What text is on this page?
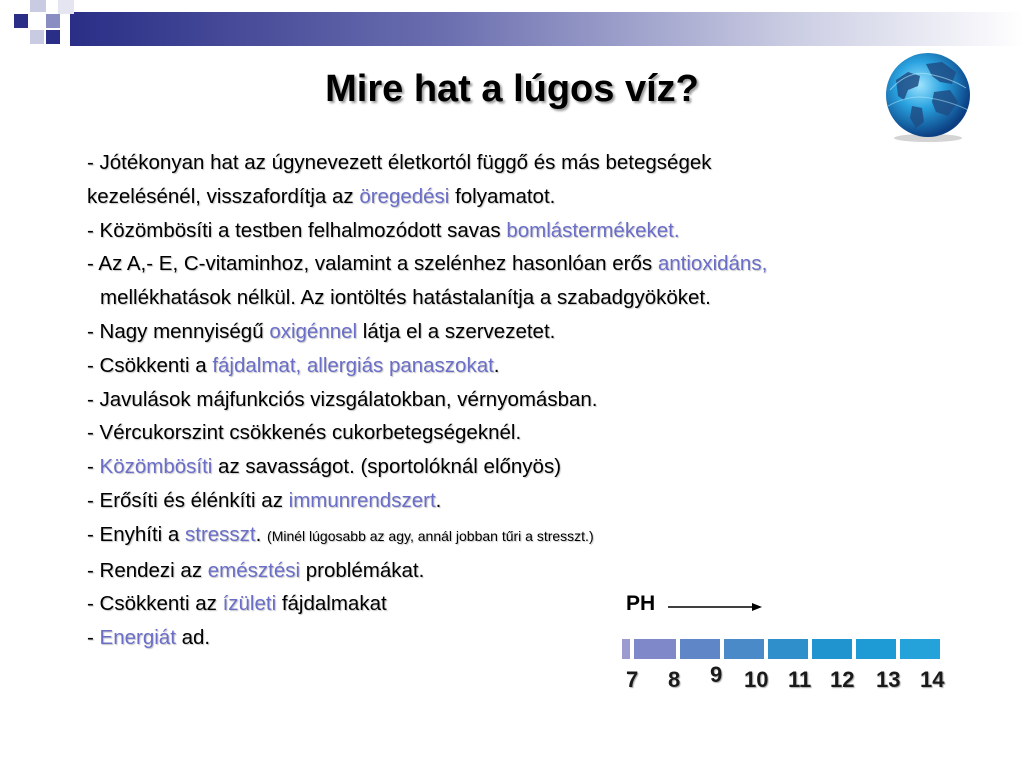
Mire hat a lúgos víz?
- Jótékonyan hat az úgynevezett életkortól függő és más betegségek
kezelésénél, visszafordítja az öregedési folyamatot.
- Közömbösíti a testben felhalmozódott savas bomlástermékeket.
- Az A,- E, C-vitaminhoz, valamint a szelénhez hasonlóan erős antioxidáns,
mellékhatások nélkül. Az iontöltés hatástalanítja a szabadgyököket.
- Nagy mennyiségű oxigénnel látja el a szervezetet.
- Csökkenti a fájdalmat, allergiás panaszokat.
- Javulások májfunkciós vizsgálatokban, vérnyomásban.
- Vércukorszint csökkenés cukorbetegségeknél.
- Közömbösíti az savasságot. (sportolóknál előnyös)
- Erősíti és élénkíti az immunrendszert.
- Enyhíti a stresszt. (Minél lúgosabb az agy, annál jobban tűri a stresszt.)
- Rendezi az emésztési problémákat.
- Csökkenti az ízületi fájdalmakat
- Energiát ad.
PH
7 8 9 10 11 12 13 14
